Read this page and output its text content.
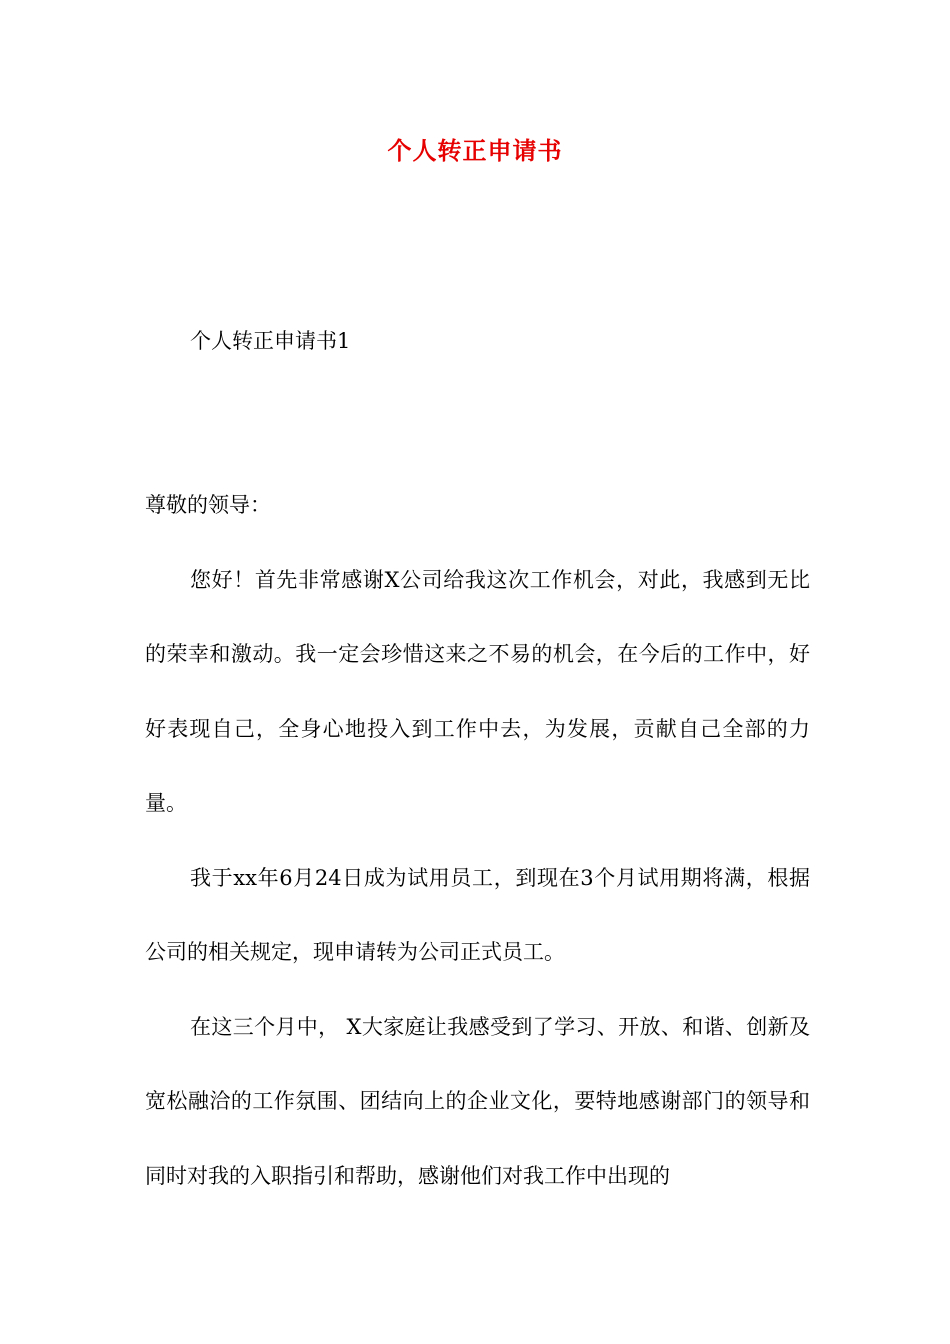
个人转正申请书

个人转正申请书1

尊敬的领导：

您好！首先非常感谢X公司给我这次工作机会，对此，我感到无比的荣幸和激动。我一定会珍惜这来之不易的机会，在今后的工作中，好好表现自己，全身心地投入到工作中去，为发展，贡献自己全部的力量。

我于xx年6月24日成为试用员工，到现在3个月试用期将满，根据公司的相关规定，现申请转为公司正式员工。

在这三个月中， X大家庭让我感受到了学习、开放、和谐、创新及宽松融洽的工作氛围、团结向上的企业文化，要特地感谢部门的领导和同时对我的入职指引和帮助，感谢他们对我工作中出现的
